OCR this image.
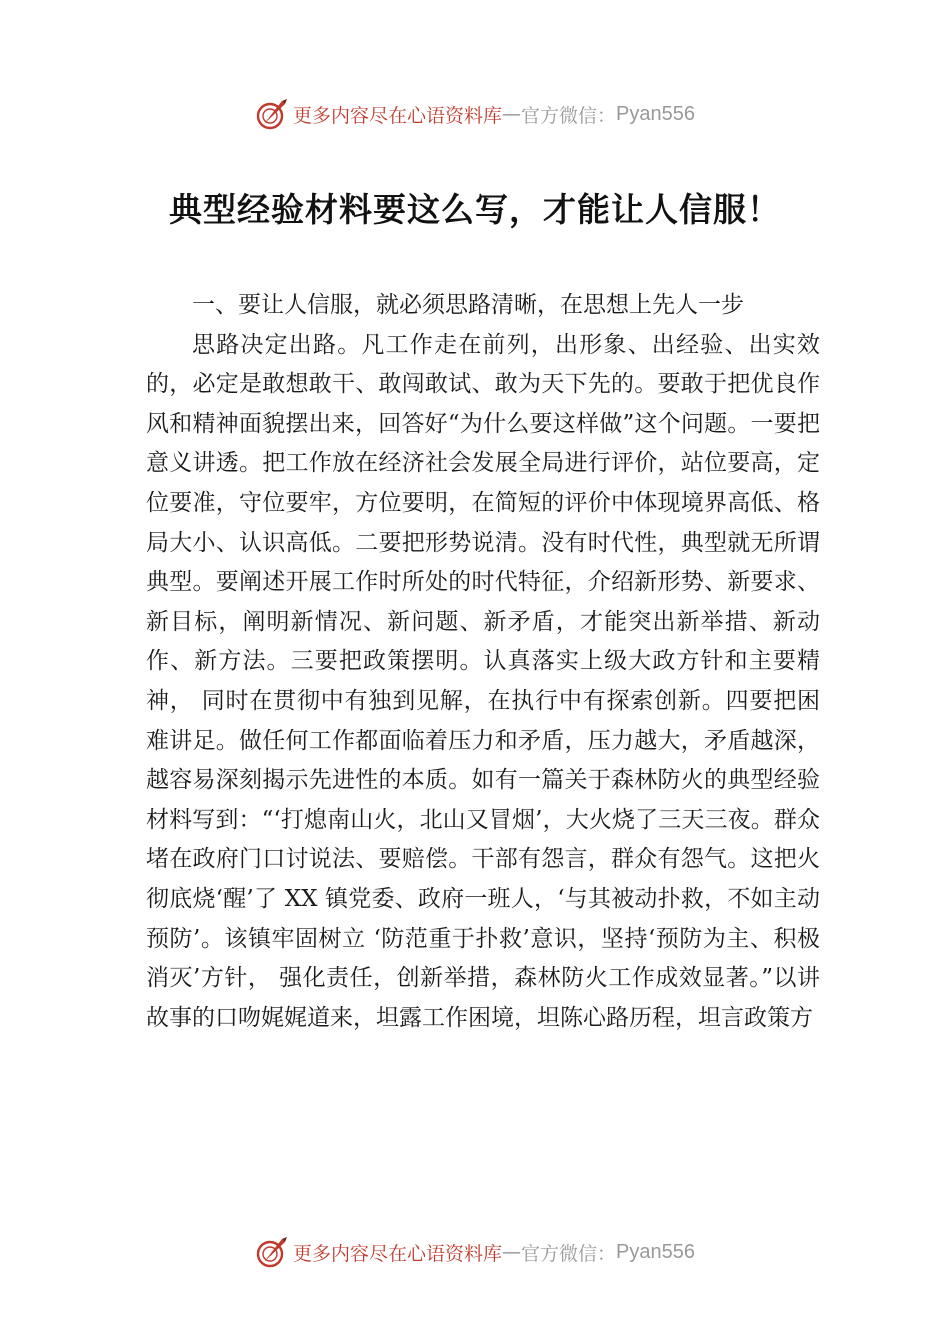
更多内容尽在心语资料库 — 官方微信： Pyan556
典型经验材料要这么写，才能让人信服！

一、要让人信服，就必须思路清晰，在思想上先人一步

思路决定出路。凡工作走在前列，出形象、出经验、出实效的，必定是敢想敢干、敢闯敢试、敢为天下先的。要敢于把优良作风和精神面貌摆出来，回答好“为什么要这样做”这个问题。一要把意义讲透。把工作放在经济社会发展全局进行评价，站位要高，定位要准，守位要牢，方位要明，在简短的评价中体现境界高低、格局大小、认识高低。二要把形势说清。没有时代性，典型就无所谓典型。要阐述开展工作时所处的时代特征，介绍新形势、新要求、新目标，阐明新情况、新问题、新矛盾，才能突出新举措、新动作、新方法。三要把政策摆明。认真落实上级大政方针和主要精神， 同时在贯彻中有独到见解，在执行中有探索创新。四要把困难讲足。做任何工作都面临着压力和矛盾，压力越大，矛盾越深，越容易深刻揭示先进性的本质。如有一篇关于森林防火的典型经验材料写到：“‘打熄南山火，北山又冒烟’，大火烧了三天三夜。群众堵在政府门口讨说法、要赔偿。干部有怨言，群众有怨气。这把火彻底烧‘醒’了 XX 镇党委、政府一班人，‘与其被动扑救，不如主动预防’。该镇牢固树立 ‘防范重于扑救’意识，坚持‘预防为主、积极消灭’方针， 强化责任，创新举措，森林防火工作成效显著。”以讲故事的口吻娓娓道来，坦露工作困境，坦陈心路历程，坦言政策方

更多内容尽在心语资料库 — 官方微信： Pyan556
